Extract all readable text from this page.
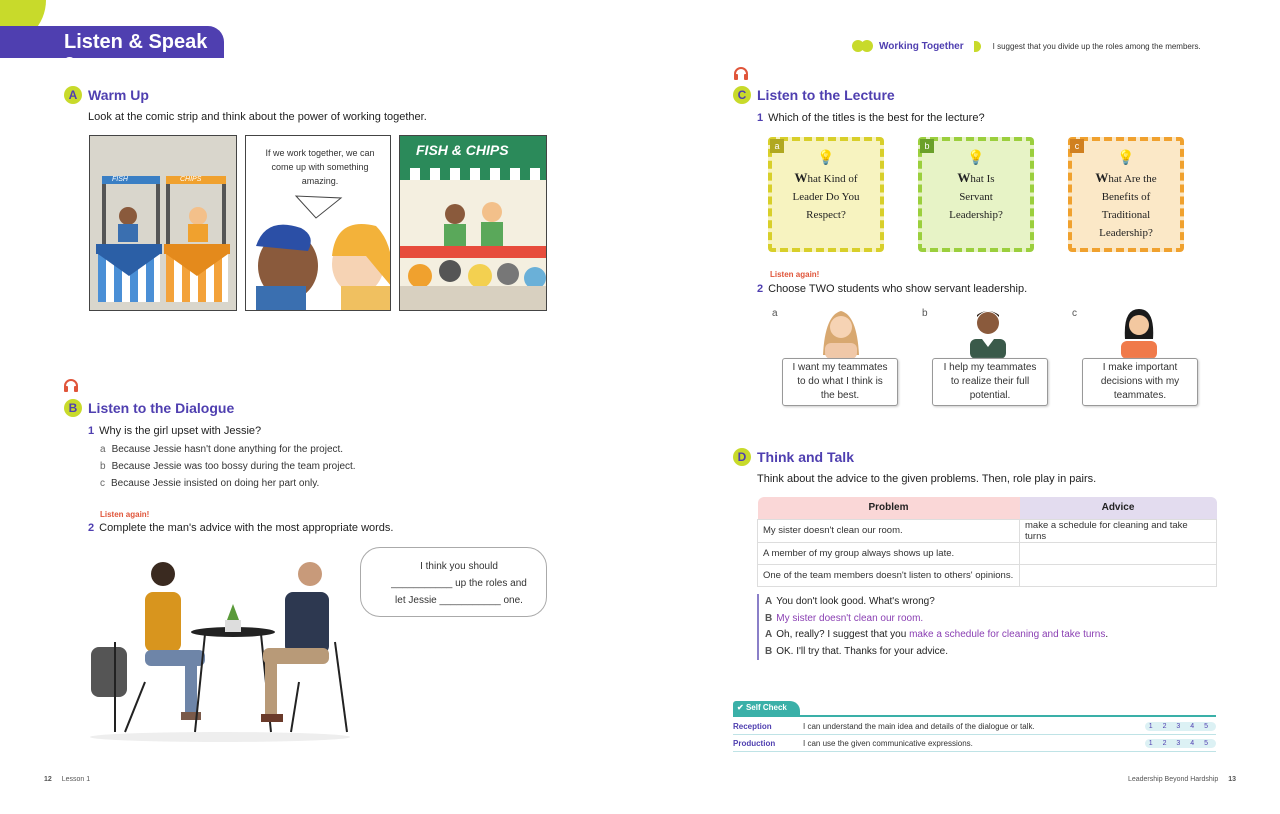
Listen & Speak 2
A Warm Up
Look at the comic strip and think about the power of working together.
FISH	CHIPS
If we work together, we can come up with something amazing.
FISH & CHIPS
B Listen to the Dialogue
1 Why is the girl upset with Jessie?
a Because Jessie hasn't done anything for the project.
b Because Jessie was too bossy during the team project.
c Because Jessie insisted on doing her part only.
Listen again!
2 Complete the man's advice with the most appropriate words.
I think you should
___________ up the roles and
let Jessie ___________ one.
12 Lesson 1
Working Together	I suggest that you divide up the roles among the members.
C Listen to the Lecture
1 Which of the titles is the best for the lecture?
a
💡
What Kind of
Leader Do You
Respect?
b
💡
What Is
Servant
Leadership?
c
💡
What Are the
Benefits of
Traditional
Leadership?
Listen again!
2 Choose TWO students who show servant leadership.
a
I want my teammates
to do what I think is
the best.
b
I help my teammates
to realize their full
potential.
c
I make important
decisions with my
teammates.
D Think and Talk
Think about the advice to the given problems. Then, role play in pairs.
Problem	Advice
My sister doesn't clean our room.	make a schedule for cleaning and take turns
A member of my group always shows up late.	
One of the team members doesn't listen to others' opinions.	
A You don't look good. What's wrong?
B My sister doesn't clean our room.
A Oh, really? I suggest that you make a schedule for cleaning and take turns.
B OK. I'll try that. Thanks for your advice.
✔ Self Check
Reception	I can understand the main idea and details of the dialogue or talk.	1 2 3 4 5
Production	I can use the given communicative expressions.	1 2 3 4 5
Leadership Beyond Hardship 13
